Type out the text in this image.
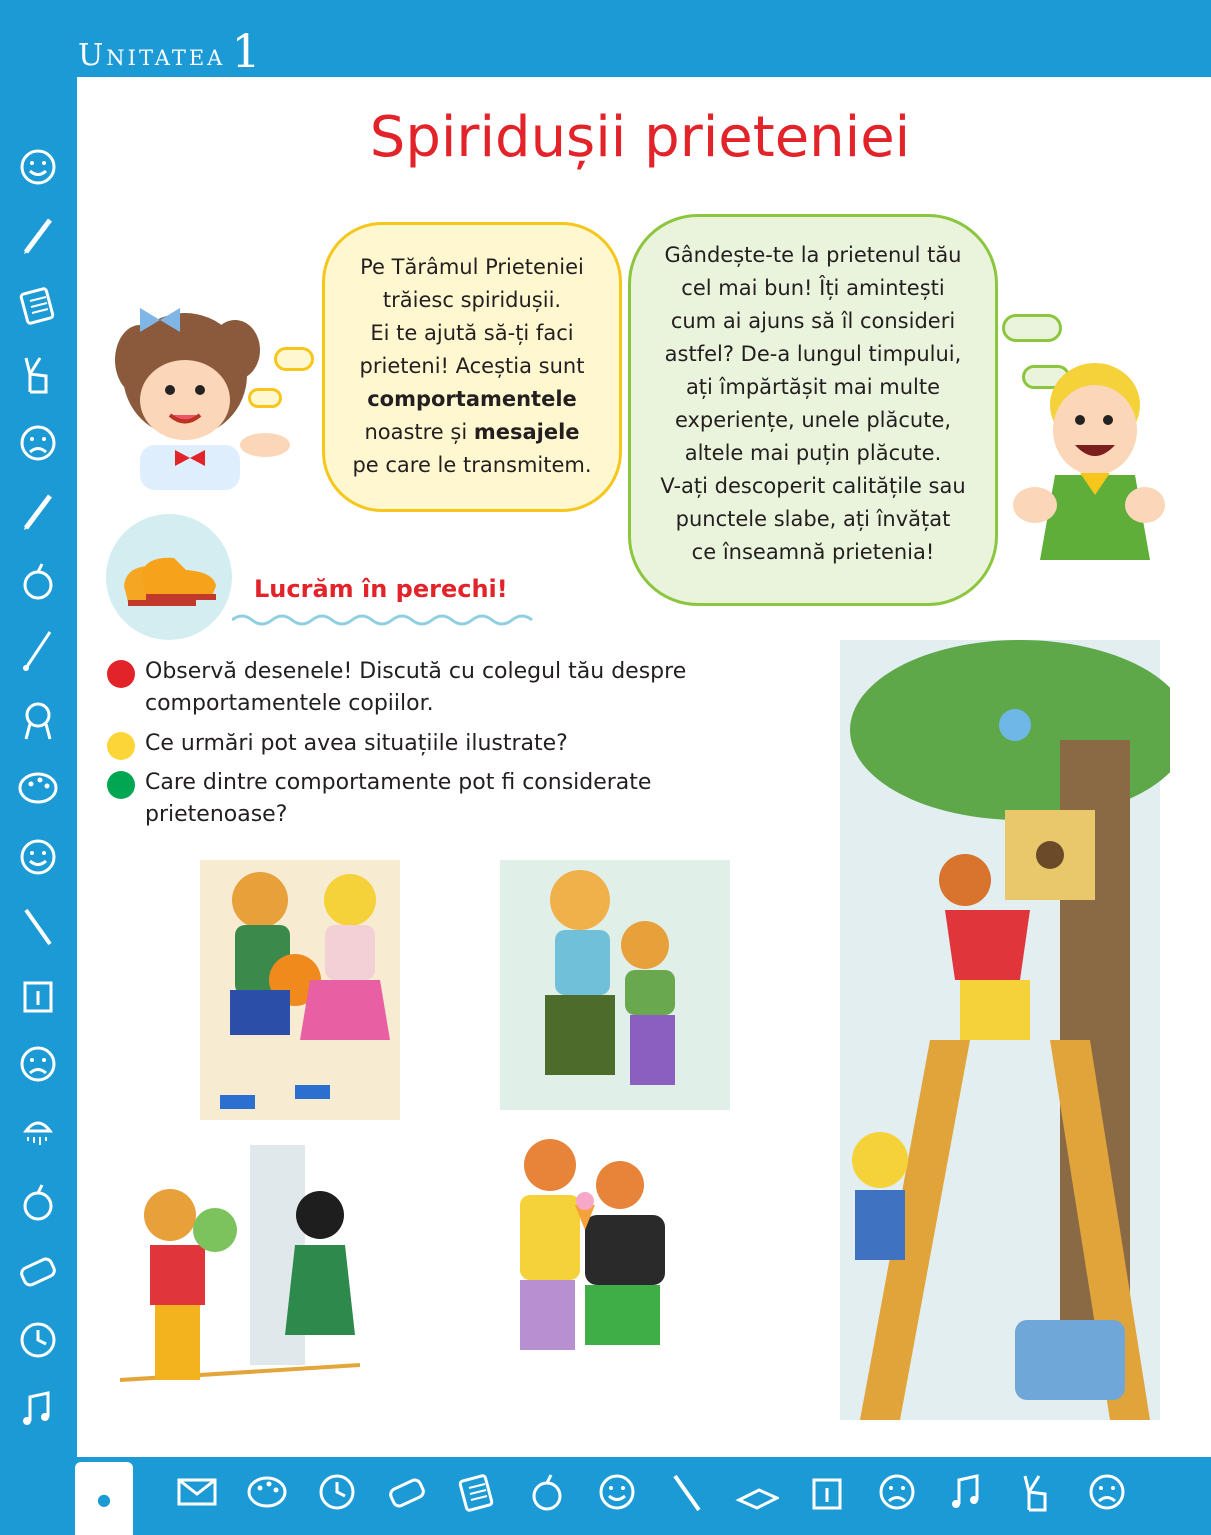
Unitatea 1
●
Spiridușii prieteniei

Pe Tărâmul Prieteniei

trăiesc spiridușii.

Ei te ajută să-ți faci

prieteni! Aceștia sunt

comportamentele

noastre și mesajele

pe care le transmitem.

Gândește-te la prietenul tău

cel mai bun! Îți amintești

cum ai ajuns să îl consideri

astfel? De-a lungul timpului,

ați împărtășit mai multe

experiențe, unele plăcute,

altele mai puțin plăcute.

V-ați descoperit calitățile sau

punctele slabe, ați învățat

ce înseamnă prietenia!

Lucrăm în perechi!
Observă desenele! Discută cu colegul tău despre comportamentele copiilor.
Ce urmări pot avea situațiile ilustrate?
Care dintre comportamente pot fi considerate prietenoase?
